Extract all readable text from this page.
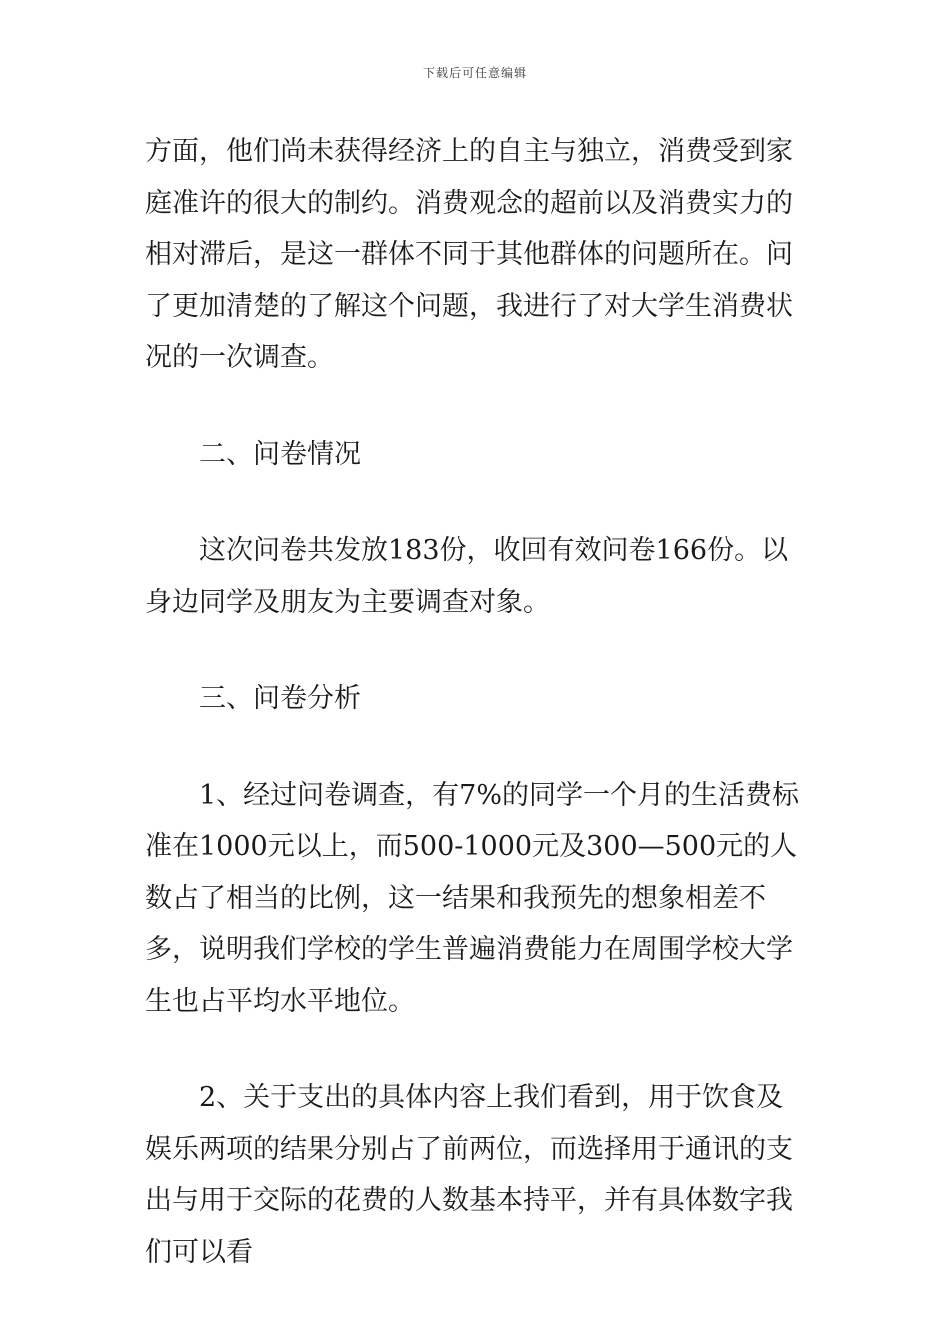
下载后可任意编辑

方面，他们尚未获得经济上的自主与独立，消费受到家庭准许的很大的制约。消费观念的超前以及消费实力的相对滞后，是这一群体不同于其他群体的问题所在。问了更加清楚的了解这个问题，我进行了对大学生消费状况的一次调查。

二、问卷情况

这次问卷共发放183份，收回有效问卷166份。以身边同学及朋友为主要调查对象。

三、问卷分析

1、经过问卷调查，有7%的同学一个月的生活费标准在1000元以上，而500-1000元及300—500元的人数占了相当的比例，这一结果和我预先的想象相差不多，说明我们学校的学生普遍消费能力在周围学校大学生也占平均水平地位。

2、关于支出的具体内容上我们看到，用于饮食及娱乐两项的结果分别占了前两位，而选择用于通讯的支出与用于交际的花费的人数基本持平，并有具体数字我们可以看
